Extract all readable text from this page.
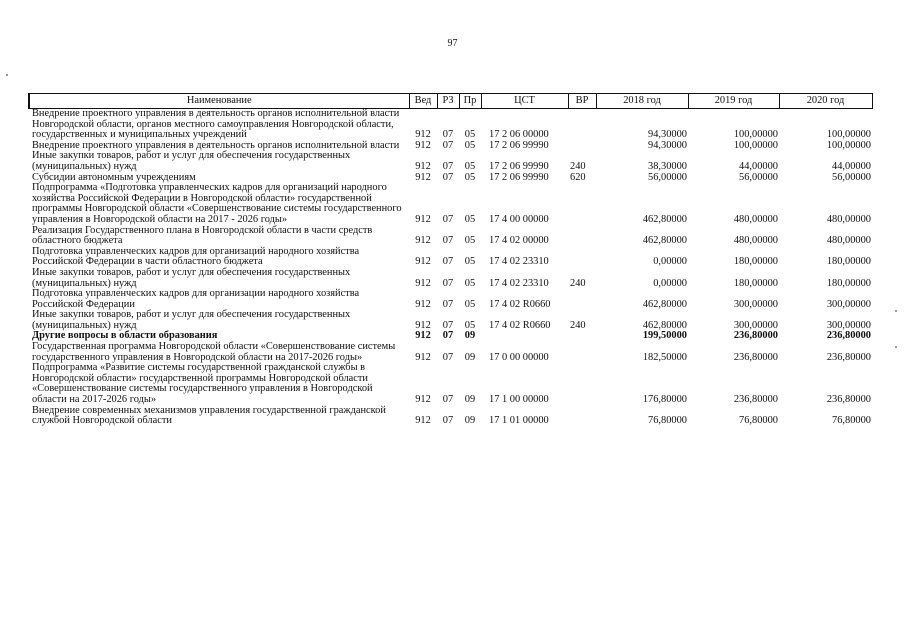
97
Наименование	Вед	РЗ	Пр	ЦСТ	ВР	2018 год	2019 год	2020 год
Внедрение проектного управления в деятельность органов исполнительной власти Новгородской области, органов местного самоуправления Новгородской области, государственных и муниципальных учреждений	912	07	05	17 2 06 00000		94,30000	100,00000	100,00000
Внедрение проектного управления в деятельность органов исполнительной власти	912	07	05	17 2 06 99990		94,30000	100,00000	100,00000
Иные закупки товаров, работ и услуг для обеспечения государственных (муниципальных) нужд	912	07	05	17 2 06 99990	240	38,30000	44,00000	44,00000
Субсидии автономным учреждениям	912	07	05	17 2 06 99990	620	56,00000	56,00000	56,00000
Подпрограмма «Подготовка управленческих кадров для организаций народного хозяйства Российской Федерации в Новгородской области» государственной программы Новгородской области «Совершенствование системы государственного управления в Новгородской области на 2017 - 2026 годы»	912	07	05	17 4 00 00000		462,80000	480,00000	480,00000
Реализация Государственного плана в Новгородской области в части средств областного бюджета	912	07	05	17 4 02 00000		462,80000	480,00000	480,00000
Подготовка управленческих кадров для организаций народного хозяйства Российской Федерации в части областного бюджета	912	07	05	17 4 02 23310		0,00000	180,00000	180,00000
Иные закупки товаров, работ и услуг для обеспечения государственных (муниципальных) нужд	912	07	05	17 4 02 23310	240	0,00000	180,00000	180,00000
Подготовка управленческих кадров для организации народного хозяйства Российской Федерации	912	07	05	17 4 02 R0660		462,80000	300,00000	300,00000
Иные закупки товаров, работ и услуг для обеспечения государственных (муниципальных) нужд	912	07	05	17 4 02 R0660	240	462,80000	300,00000	300,00000
Другие вопросы в области образования	912	07	09			199,50000	236,80000	236,80000
Государственная программа Новгородской области «Совершенствование системы государственного управления в Новгородской области на 2017-2026 годы»	912	07	09	17 0 00 00000		182,50000	236,80000	236,80000
Подпрограмма «Развитие системы государственной гражданской службы в Новгородской области» государственной программы Новгородской области «Совершенствование системы государственного управления в Новгородской области на 2017-2026 годы»	912	07	09	17 1 00 00000		176,80000	236,80000	236,80000
Внедрение современных механизмов управления государственной гражданской службой Новгородской области	912	07	09	17 1 01 00000		76,80000	76,80000	76,80000
